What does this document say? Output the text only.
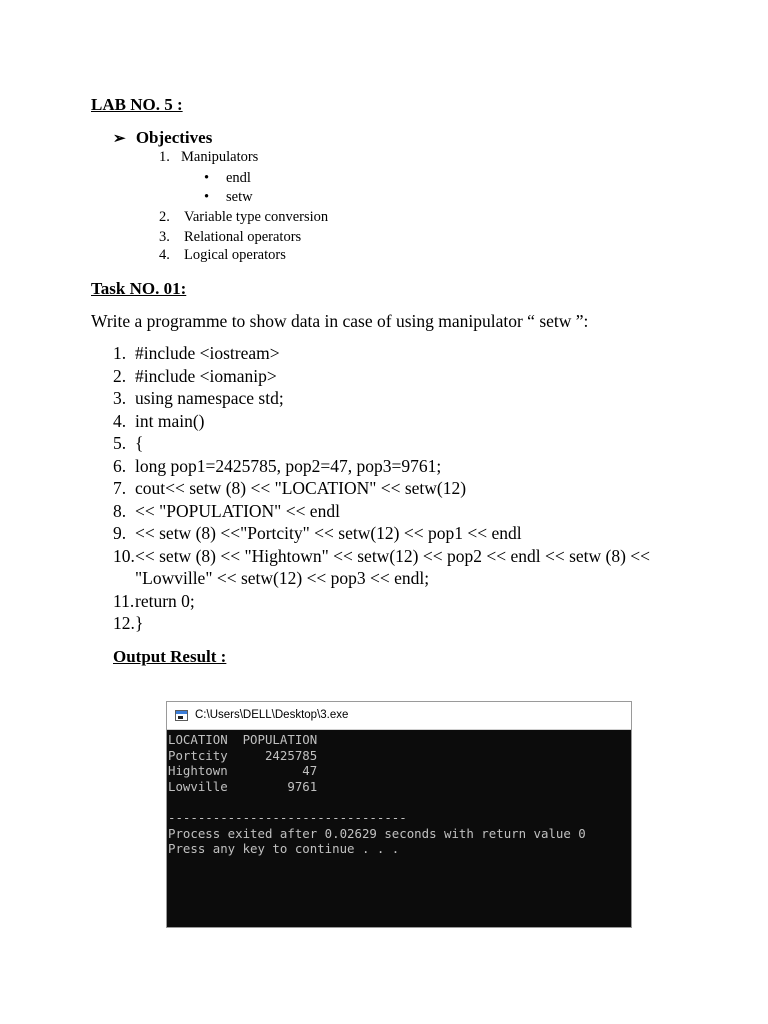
LAB NO. 5 :
➢ Objectives
1. Manipulators
• endl
• setw
2. Variable type conversion
3. Relational operators
4. Logical operators
Task NO. 01:
Write a programme to show data in case of using manipulator “ setw ”:
1. #include <iostream>
2. #include <iomanip>
3. using namespace std;
4. int main()
5. {
6. long pop1=2425785, pop2=47, pop3=9761;
7. cout<< setw (8) << "LOCATION" << setw(12)
8. << "POPULATION" << endl
9. << setw (8) <<"Portcity" << setw(12) << pop1 << endl
10.<< setw (8) << "Hightown" << setw(12) << pop2 << endl << setw (8) <<
"Lowville" << setw(12) << pop3 << endl;
11.return 0;
12.}
Output Result :
C:\Users\DELL\Desktop\3.exe
LOCATION  POPULATION
Portcity     2425785
Hightown          47
Lowville        9761
--------------------------------
Process exited after 0.02629 seconds with return value 0
Press any key to continue . . .
